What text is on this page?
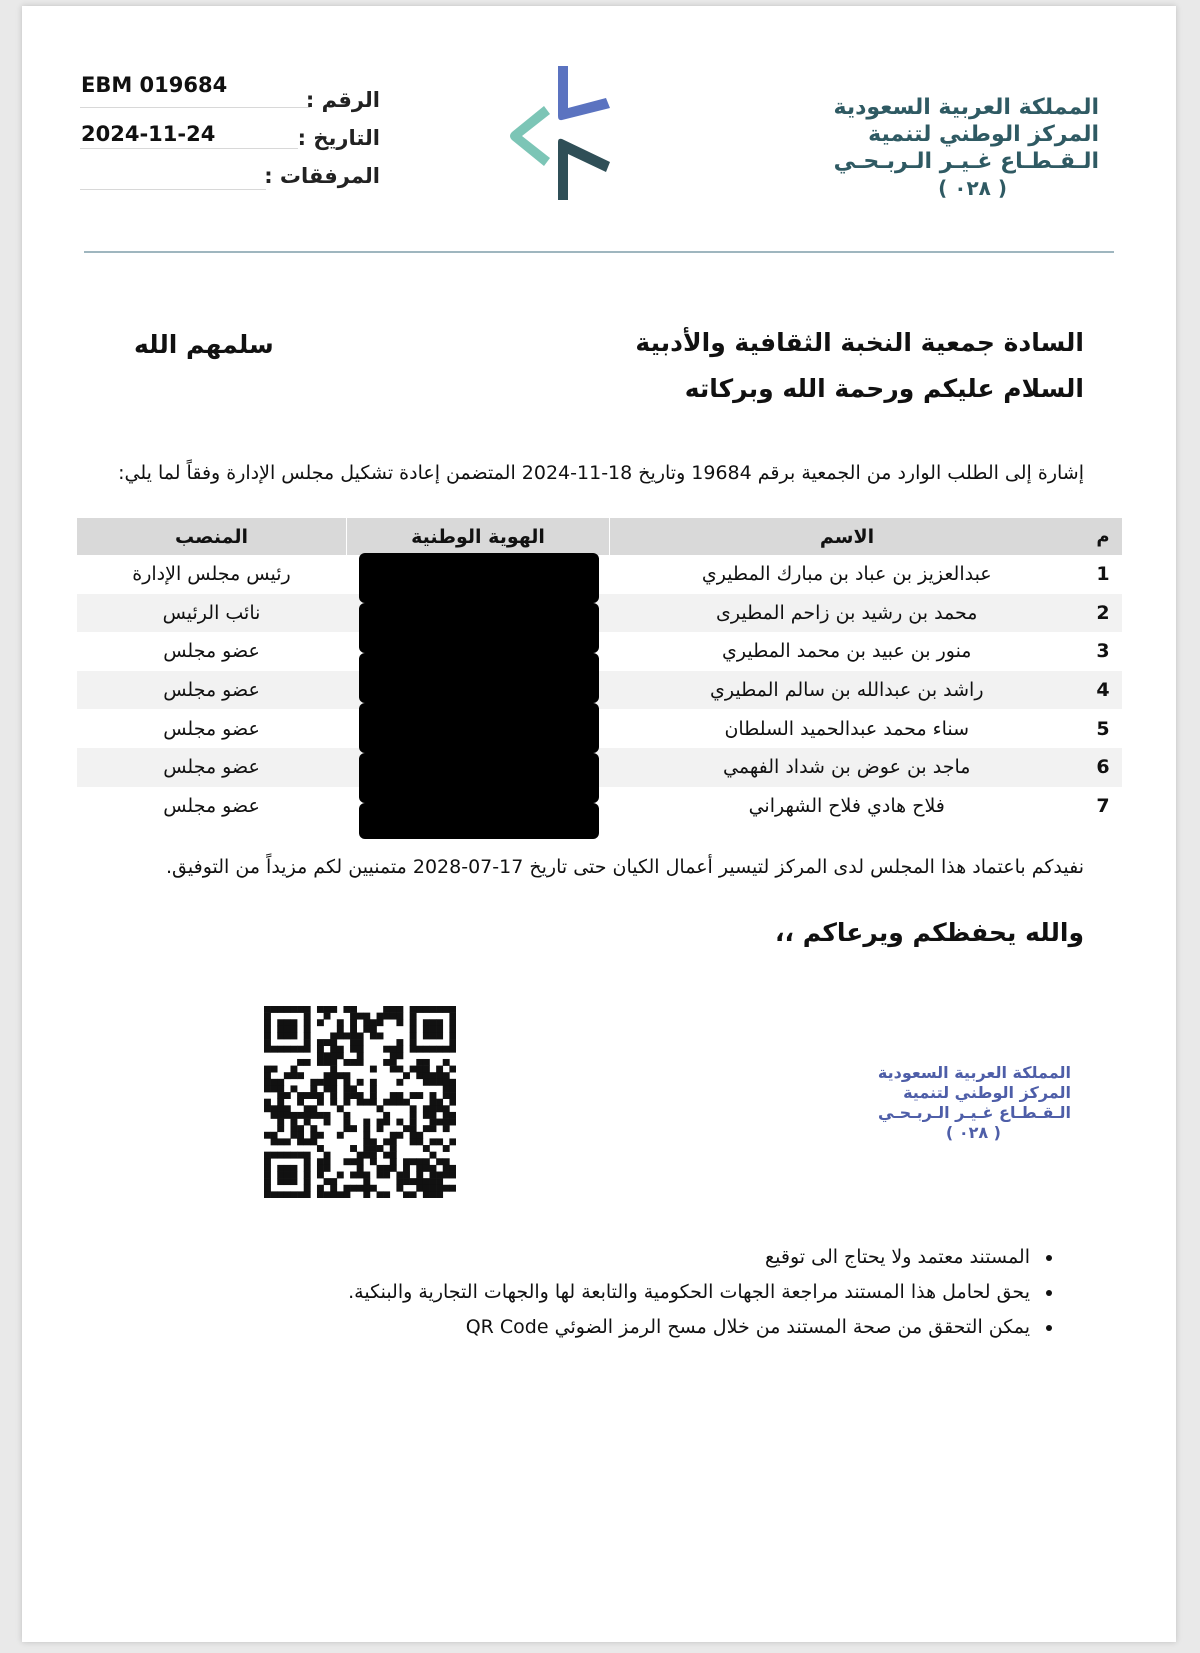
المملكة العربية السعودية
المركز الوطني لتنمية
الـقـطـاع غـيـر الـربـحـي
( ٠٢٨ )
EBM 019684
الرقم :
2024-11-24	التاريخ :
المرفقات :
السادة جمعية النخبة الثقافية والأدبية
السلام عليكم ورحمة الله وبركاته
سلمهم الله
إشارة إلى الطلب الوارد من الجمعية برقم 19684 وتاريخ 18-11-2024 المتضمن إعادة تشكيل مجلس الإدارة وفقاً لما يلي:
م	الاسم	الهوية الوطنية	المنصب
1	عبدالعزيز بن عباد بن مبارك المطيري		رئيس مجلس الإدارة
2	محمد بن رشيد بن زاحم المطيرى		نائب الرئيس
3	منور بن عبيد بن محمد المطيري		عضو مجلس
4	راشد بن عبدالله بن سالم المطيري		عضو مجلس
5	سناء محمد عبدالحميد السلطان		عضو مجلس
6	ماجد بن عوض بن شداد الفهمي		عضو مجلس
7	فلاح هادي فلاح الشهراني		عضو مجلس
نفيدكم باعتماد هذا المجلس لدى المركز لتيسير أعمال الكيان حتى تاريخ 17-07-2028 متمنيين لكم مزيداً من التوفيق.
والله يحفظكم ويرعاكم ،،
المملكة العربية السعودية
المركز الوطني لتنمية
الـقـطـاع غـيـر الـربـحـي
( ٠٢٨ )
• المستند معتمد ولا يحتاج الى توقيع
• يحق لحامل هذا المستند مراجعة الجهات الحكومية والتابعة لها والجهات التجارية والبنكية.
• يمكن التحقق من صحة المستند من خلال مسح الرمز الضوئي QR Code
